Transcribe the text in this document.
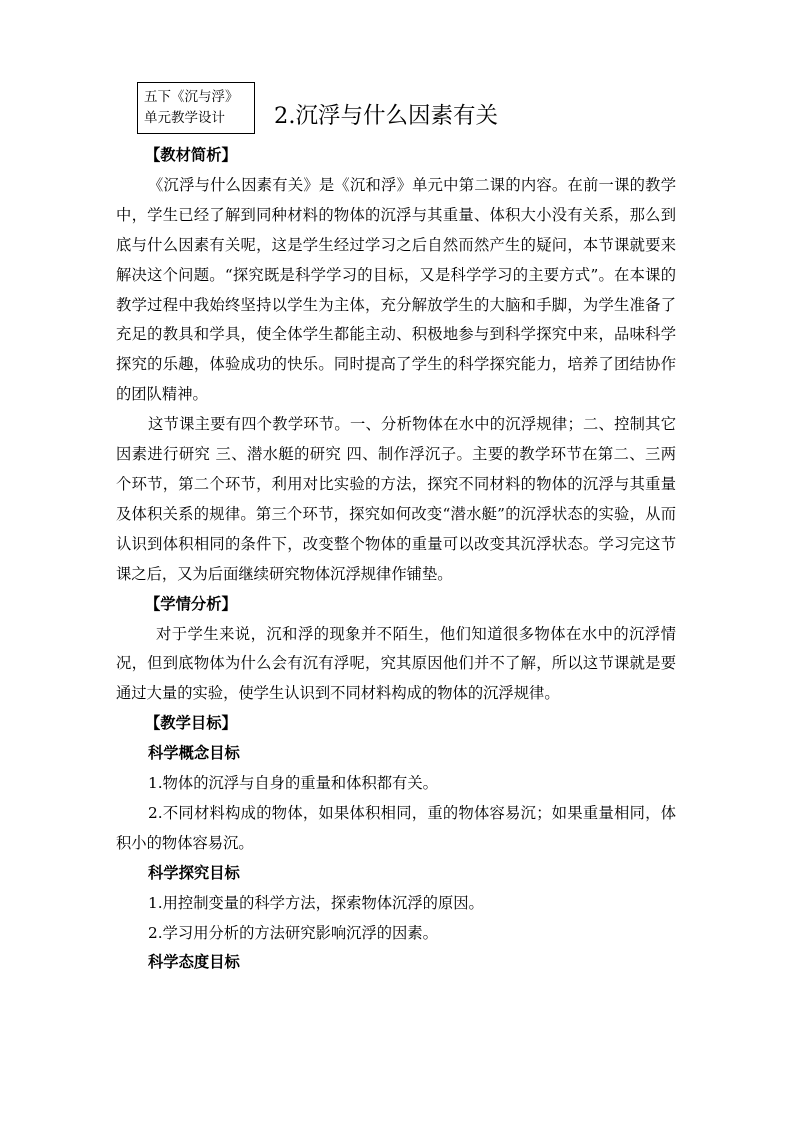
五下《沉与浮》
单元教学设计	2.沉浮与什么因素有关

【教材简析】

《沉浮与什么因素有关》是《沉和浮》单元中第二课的内容。在前一课的教学中，学生已经了解到同种材料的物体的沉浮与其重量、体积大小没有关系，那么到底与什么因素有关呢，这是学生经过学习之后自然而然产生的疑问，本节课就要来解决这个问题。“探究既是科学学习的目标，又是科学学习的主要方式”。在本课的教学过程中我始终坚持以学生为主体，充分解放学生的大脑和手脚，为学生准备了充足的教具和学具，使全体学生都能主动、积极地参与到科学探究中来，品味科学探究的乐趣，体验成功的快乐。同时提高了学生的科学探究能力，培养了团结协作的团队精神。

这节课主要有四个教学环节。一、分析物体在水中的沉浮规律；二、控制其它因素进行研究 三、潜水艇的研究 四、制作浮沉子。主要的教学环节在第二、三两个环节，第二个环节，利用对比实验的方法，探究不同材料的物体的沉浮与其重量及体积关系的规律。第三个环节，探究如何改变“潜水艇”的沉浮状态的实验，从而认识到体积相同的条件下，改变整个物体的重量可以改变其沉浮状态。学习完这节课之后，又为后面继续研究物体沉浮规律作铺垫。

【学情分析】

对于学生来说，沉和浮的现象并不陌生，他们知道很多物体在水中的沉浮情况，但到底物体为什么会有沉有浮呢，究其原因他们并不了解，所以这节课就是要通过大量的实验，使学生认识到不同材料构成的物体的沉浮规律。

【教学目标】

科学概念目标

1.物体的沉浮与自身的重量和体积都有关。

2.不同材料构成的物体，如果体积相同，重的物体容易沉；如果重量相同，体积小的物体容易沉。

科学探究目标

1.用控制变量的科学方法，探索物体沉浮的原因。

2.学习用分析的方法研究影响沉浮的因素。

科学态度目标
